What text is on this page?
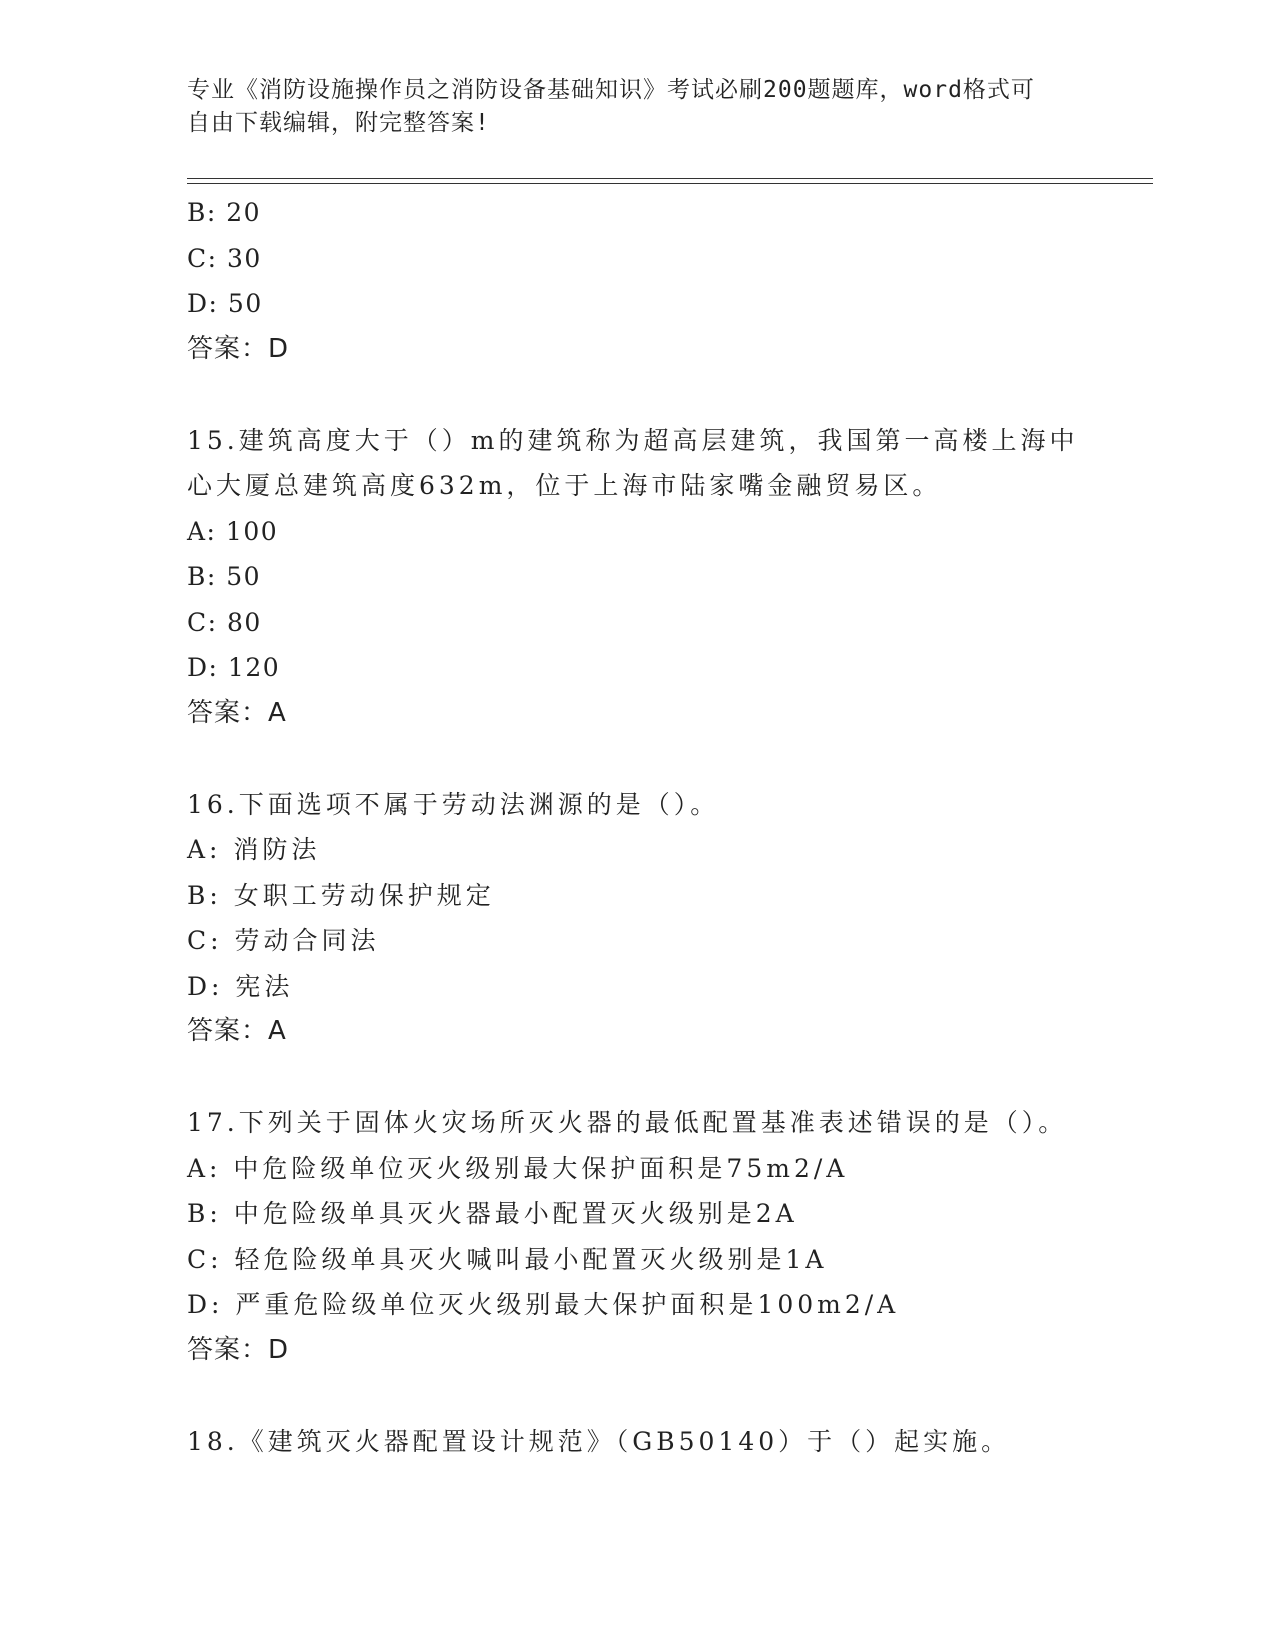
专业《消防设施操作员之消防设备基础知识》考试必刷200题题库，word格式可
自由下载编辑，附完整答案!
B: 20
C: 30
D: 50
答案：D
15.建筑高度大于（）m的建筑称为超高层建筑，我国第一高楼上海中
心大厦总建筑高度632m，位于上海市陆家嘴金融贸易区。
A: 100
B: 50
C: 80
D: 120
答案：A
16.下面选项不属于劳动法渊源的是（）。
A: 消防法
B: 女职工劳动保护规定
C: 劳动合同法
D: 宪法
答案：A
17.下列关于固体火灾场所灭火器的最低配置基准表述错误的是（）。
A: 中危险级单位灭火级别最大保护面积是75m2/A
B: 中危险级单具灭火器最小配置灭火级别是2A
C: 轻危险级单具灭火喊叫最小配置灭火级别是1A
D: 严重危险级单位灭火级别最大保护面积是100m2/A
答案：D
18.《建筑灭火器配置设计规范》（GB50140）于（）起实施。
